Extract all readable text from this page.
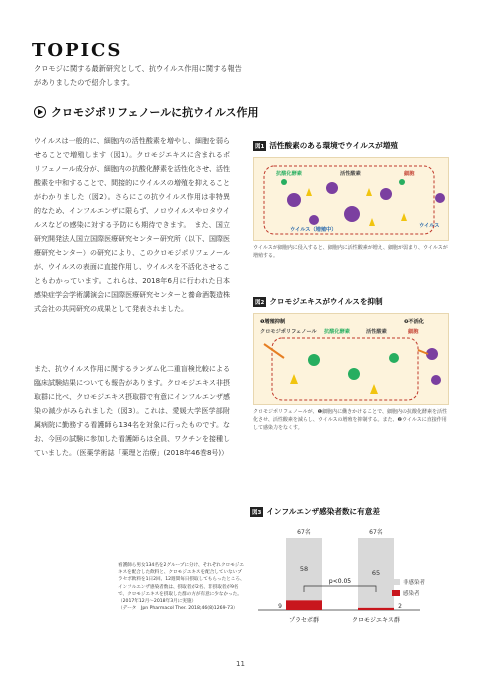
TOPICS
クロモジに関する最新研究として、抗ウイルス作用に関する報告がありましたので紹介します。
クロモジポリフェノールに抗ウイルス作用
ウイルスは一般的に、細胞内の活性酸素を増やし、細胞を弱らせることで増殖します（図1）。クロモジエキスに含まれるポリフェノール成分が、細胞内の抗酸化酵素を活性化させ、活性酸素を中和することで、間接的にウイルスの増殖を抑えることがわかりました（図2）。さらにこの抗ウイルス作用は非特異的なため、インフルエンザに限らず、ノロウイルスやロタウイルスなどの感染に対する予防にも期待できます。　また、国立研究開発法人国立国際医療研究センター研究所（以下、国際医療研究センター）の研究により、このクロモジポリフェノールが、ウイルスの表面に直接作用し、ウイルスを不活化させることもわかっています。これらは、2018年6月に行われた日本感染症学会学術講演会に国際医療研究センターと養命酒製造株式会社の共同研究の成果として発表されました。
また、抗ウイルス作用に関するランダム化二重盲検比較による臨床試験結果についても報告があります。クロモジエキス非摂取群に比べ、クロモジエキス摂取群で有意にインフルエンザ感染の減少がみられました（図3）。これは、愛媛大学医学部附属病院に勤務する看護師ら134名を対象に行ったものです。なお、今回の試験に参加した看護師らは全員、ワクチンを接種していました。（医薬学術誌「薬理と治療」(2018年46巻8号)）
図1 活性酸素のある環境でウイルスが増殖
抗酸化酵素	活性酸素	細胞
ウイルス
ウイルス（増殖中）
ウイルスが細胞内に侵入すると、細胞内に活性酸素が増え、細胞が弱まり、ウイルスが増殖する。
図2 クロモジエキスがウイルスを抑制
❶増殖抑制	❷不活化
クロモジポリフェノール 抗酸化酵素	活性酸素	細胞
クロモジポリフェノールが、❶細胞内に働きかけることで、細胞内の抗酸化酵素を活性化させ、活性酸素を減らし、ウイルスの増殖を抑制する。また、❷ウイルスに直接作用して感染力をなくす。
図3 インフルエンザ感染者数に有意差
看護師ら男女134名を2グループに分け、それぞれクロモジエキスを配合した飲料と、クロモジエキスを配合していないプラセボ飲料を1日2回、12週間毎日摂取してもらったところ、インフルエンザ感染者数は、摂取者が2名、非摂取者が9名で、クロモジエキスを摂取した群の方が有意に少なかった。（2017年12月～2018年3月に実施）
（データ　Jpn Pharmacol Ther. 2018;46(8)1269-73）
67名
58
9
プラセボ群
67名
65
2
クロモジエキス群
p<0.05	非感染者
感染者
11
